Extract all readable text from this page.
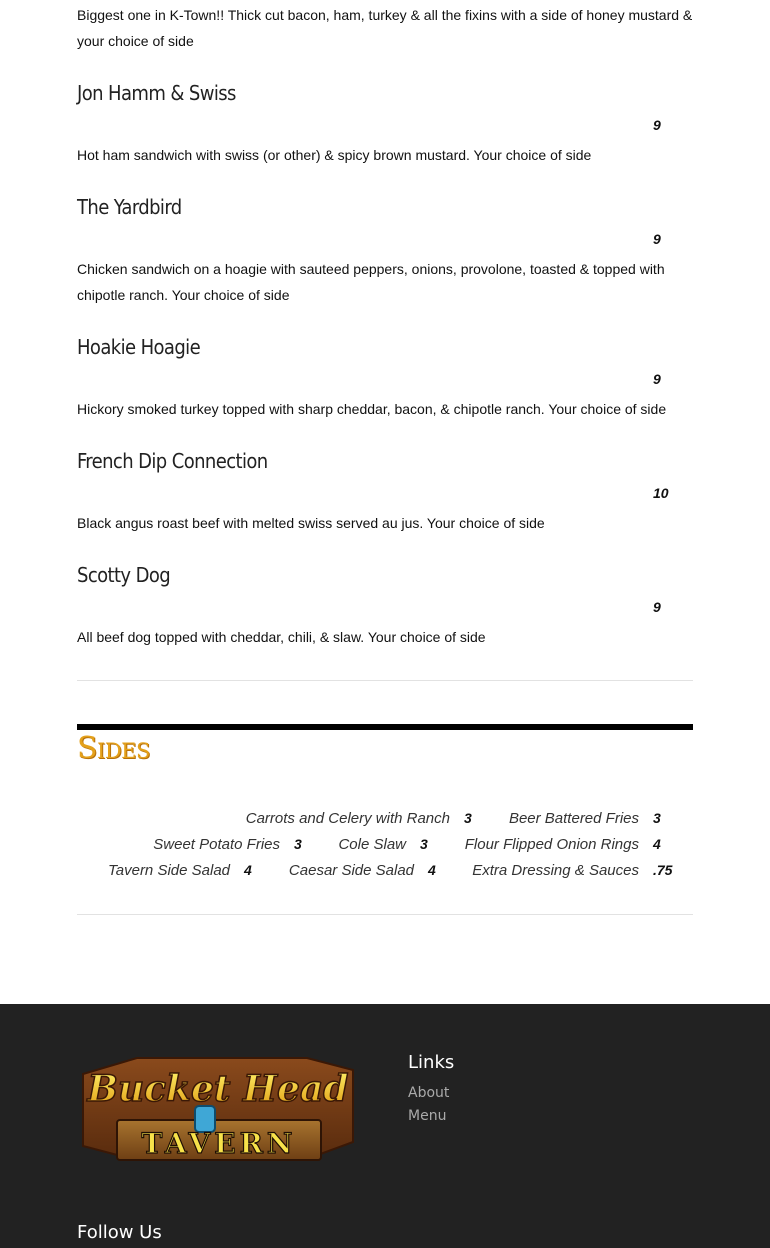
Biggest one in K-Town!! Thick cut bacon, ham, turkey & all the fixins with a side of honey mustard & your choice of side

Jon Hamm & Swiss
9

Hot ham sandwich with swiss (or other) & spicy brown mustard. Your choice of side

The Yardbird
9

Chicken sandwich on a hoagie with sauteed peppers, onions, provolone, toasted & topped with chipotle ranch. Your choice of side

Hoakie Hoagie
9

Hickory smoked turkey topped with sharp cheddar, bacon, & chipotle ranch. Your choice of side

French Dip Connection
10

Black angus roast beef with melted swiss served au jus. Your choice of side

Scotty Dog
9

All beef dog topped with cheddar, chili, & slaw. Your choice of side

Sides
Carrots and Celery with Ranch 3 Beer Battered Fries 3
Sweet Potato Fries 3 Cole Slaw 3 Flour Flipped Onion Rings 4
Tavern Side Salad 4 Caesar Side Salad 4 Extra Dressing & Sauces .75
Bucket Head
TAVERN
Links
About
Menu
Follow Us
